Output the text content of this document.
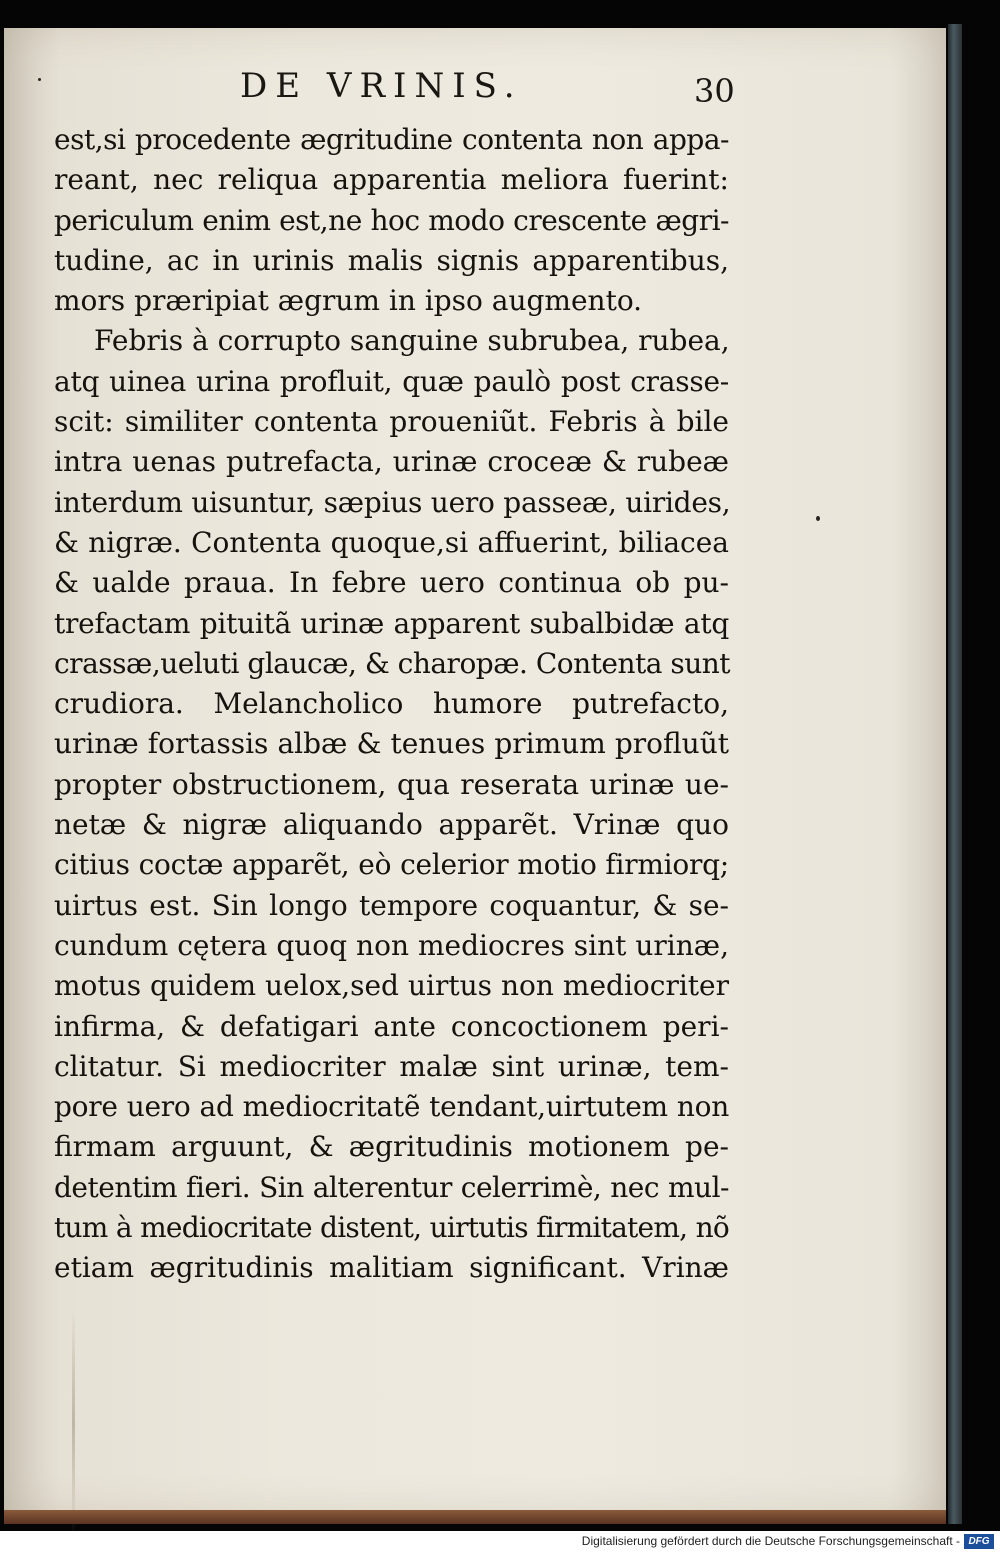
DE VRINIS.	30
est,si procedente ægritudine contenta non appa-
reant, nec reliqua apparentia meliora fuerint:
periculum enim est,ne hoc modo crescente ægri-
tudine, ac in urinis malis signis apparentibus,
mors præripiat ægrum in ipso augmento.
Febris à corrupto sanguine subrubea, rubea,
atq uinea urina profluit, quæ paulò post crasse-
scit: similiter contenta proueniũt. Febris à bile
intra uenas putrefacta, urinæ croceæ & rubeæ
interdum uisuntur, sæpius uero passeæ, uirides,
& nigræ. Contenta quoque,si affuerint, biliacea
& ualde praua. In febre uero continua ob pu-
trefactam pituitã urinæ apparent subalbidæ atq
crassæ,ueluti glaucæ, & charopæ. Contenta sunt
crudiora. Melancholico humore putrefacto,
urinæ fortassis albæ & tenues primum profluũt
propter obstructionem, qua reserata urinæ ue-
netæ & nigræ aliquando apparẽt. Vrinæ quo
citius coctæ apparẽt, eò celerior motio firmiorq;
uirtus est. Sin longo tempore coquantur, & se-
cundum cętera quoq non mediocres sint urinæ,
motus quidem uelox,sed uirtus non mediocriter
infirma, & defatigari ante concoctionem peri-
clitatur. Si mediocriter malæ sint urinæ, tem-
pore uero ad mediocritatẽ tendant,uirtutem non
firmam arguunt, & ægritudinis motionem pe-
detentim fieri. Sin alterentur celerrimè, nec mul-
tum à mediocritate distent, uirtutis firmitatem, nõ
etiam ægritudinis malitiam significant. Vrinæ
Digitalisierung gefördert durch die Deutsche Forschungsgemeinschaft - DFG
